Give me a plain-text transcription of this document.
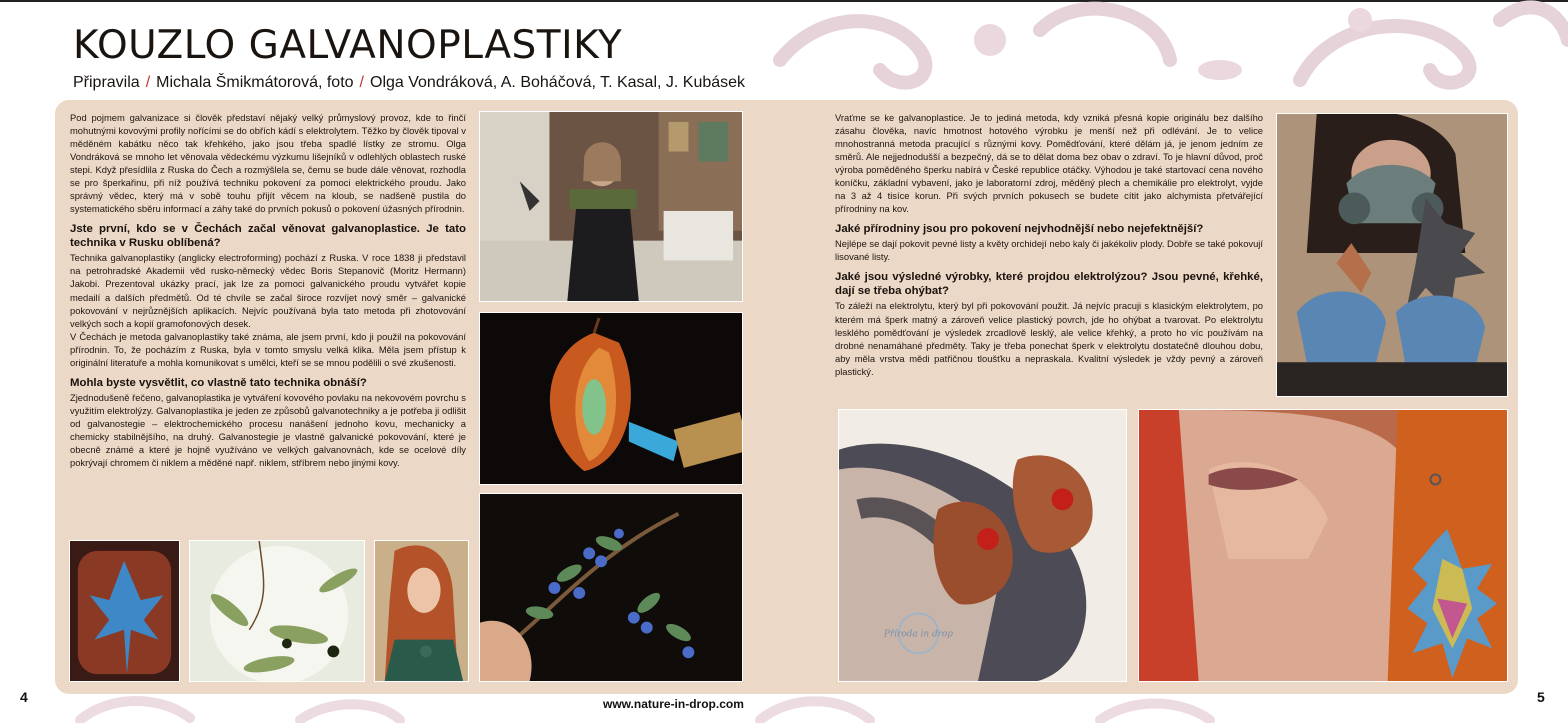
KOUZLO GALVANOPLASTIKY
Připravila / Michala Šmikmátorová, foto / Olga Vondráková, A. Boháčová, T. Kasal, J. Kubásek

Pod pojmem galvanizace si člověk představí nějaký velký průmyslový provoz, kde to řinčí mohutnými kovovými profily nořícími se do obřích kádí s elektrolytem. Těžko by člověk tipoval v měděném kabátku něco tak křehkého, jako jsou třeba spadlé lístky ze stromu. Olga Vondráková se mnoho let věnovala vědeckému výzkumu lišejníků v odlehlých oblastech ruské stepi. Když přesídlila z Ruska do Čech a rozmýšlela se, čemu se bude dále věnovat, rozhodla se pro šperkařinu, při níž používá techniku pokovení za pomoci elektrického proudu. Jako správný vědec, který má v sobě touhu přijít věcem na kloub, se nadšeně pustila do systematického sběru informací a záhy také do prvních pokusů o pokovení úžasných přírodnin.

Jste první, kdo se v Čechách začal věnovat galvanoplastice. Je tato technika v Rusku oblíbená?

Technika galvanoplastiky (anglicky electroforming) pochází z Ruska. V roce 1838 ji představil na petrohradské Akademii věd rusko-německý vědec Boris Stepanovič (Moritz Hermann) Jakobi. Prezentoval ukázky prací, jak lze za pomoci galvanického proudu vytvářet kopie medailí a dalších předmětů. Od té chvíle se začal široce rozvíjet nový směr – galvanické pokovování v nejrůznějších aplikacích. Nejvíc používaná byla tato metoda při zhotovování velkých soch a kopií gramofonových desek.

V Čechách je metoda galvanoplastiky také známa, ale jsem první, kdo ji použil na pokovování přírodnin. To, že pocházím z Ruska, byla v tomto smyslu velká klika. Měla jsem přístup k originální literatuře a mohla komunikovat s umělci, kteří se se mnou podělili o své zkušenosti.

Mohla byste vysvětlit, co vlastně tato technika obnáší?

Zjednodušeně řečeno, galvanoplastika je vytváření kovového povlaku na nekovovém povrchu s využitím elektrolýzy. Galvanoplastika je jeden ze způsobů galvanotechniky a je potřeba ji odlišit od galvanostegie – elektrochemického procesu nanášení jednoho kovu, mechanicky a chemicky stabilnějšího, na druhý. Galvanostegie je vlastně galvanické pokovování, které je obecně známé a které je hojně využíváno ve velkých galvanovnách, kde se ocelové díly pokrývají chromem či niklem a měděné např. niklem, stříbrem nebo jinými kovy.

Vraťme se ke galvanoplastice. Je to jediná metoda, kdy vzniká přesná kopie originálu bez dalšího zásahu člověka, navíc hmotnost hotového výrobku je menší než při odlévání. Je to velice mnohostranná metoda pracující s různými kovy. Pomědťování, které dělám já, je jenom jedním ze směrů. Ale nejjednodušší a bezpečný, dá se to dělat doma bez obav o zdraví. To je hlavní důvod, proč výroba poměděného šperku nabírá v České republice otáčky. Výhodou je také startovací cena nového koníčku, základní vybavení, jako je laboratorní zdroj, měděný plech a chemikálie pro elektrolyt, vyjde na 3 až 4 tisíce korun. Při svých prvních pokusech se budete cítit jako alchymista přetvářející přírodniny na kov.

Jaké přírodniny jsou pro pokovení nejvhodnější nebo nejefektnější?

Nejlépe se dají pokovit pevné listy a květy orchidejí nebo kaly či jakékoliv plody. Dobře se také pokovují lisované listy.

Jaké jsou výsledné výrobky, které projdou elektrolýzou? Jsou pevné, křehké, dají se třeba ohýbat?

To záleží na elektrolytu, který byl při pokovování použit. Já nejvíc pracuji s klasickým elektrolytem, po kterém má šperk matný a zároveň velice plastický povrch, jde ho ohýbat a tvarovat. Po elektrolytu lesklého pomědťování je výsledek zrcadlově lesklý, ale velice křehký, a proto ho víc používám na drobné nenamáhané předměty. Taky je třeba ponechat šperk v elektrolytu dostatečně dlouhou dobu, aby měla vrstva mědi patřičnou tloušťku a nepraskala. Kvalitní výsledek je vždy pevný a zároveň plastický.

Příroda in drop
4	5
www.nature-in-drop.com
